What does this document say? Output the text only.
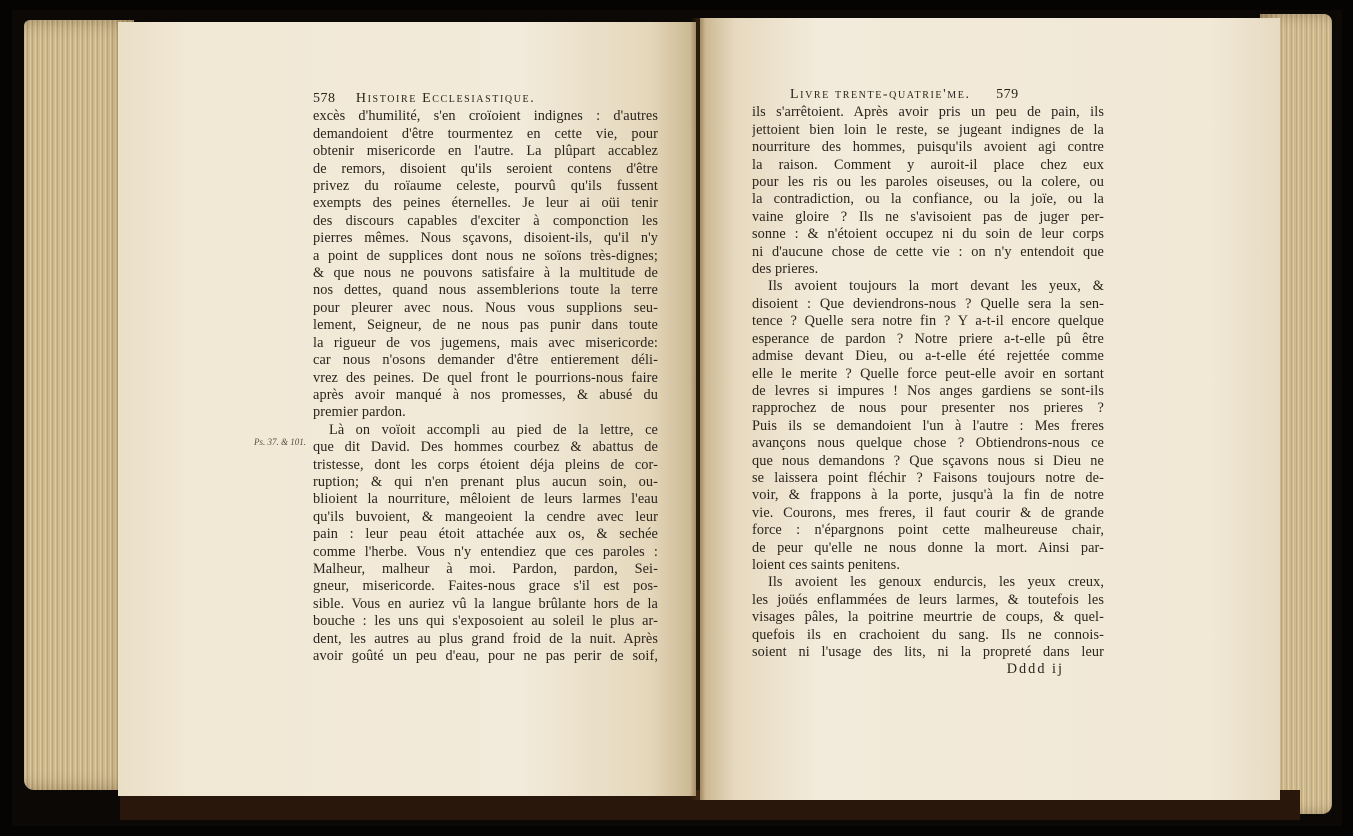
Ps. 37. & 101.
578 Histoire Ecclesiastique.
excès d'humilité, s'en croïoient indignes : d'autres
demandoient d'être tourmentez en cette vie, pour
obtenir misericorde en l'autre. La plûpart accablez
de remors, disoient qu'ils seroient contens d'être
privez du roïaume celeste, pourvû qu'ils fussent
exempts des peines éternelles. Je leur ai oüi tenir
des discours capables d'exciter à componction les
pierres mêmes. Nous sçavons, disoient-ils, qu'il n'y
a point de supplices dont nous ne soïons très-dignes;
& que nous ne pouvons satisfaire à la multitude de
nos dettes, quand nous assemblerions toute la terre
pour pleurer avec nous. Nous vous supplions seu-
lement, Seigneur, de ne nous pas punir dans toute
la rigueur de vos jugemens, mais avec misericorde:
car nous n'osons demander d'être entierement déli-
vrez des peines. De quel front le pourrions-nous faire
après avoir manqué à nos promesses, & abusé du
premier pardon.
Là on voïoit accompli au pied de la lettre, ce
que dit David. Des hommes courbez & abattus de
tristesse, dont les corps étoient déja pleins de cor-
ruption; & qui n'en prenant plus aucun soin, ou-
blioient la nourriture, mêloient de leurs larmes l'eau
qu'ils buvoient, & mangeoient la cendre avec leur
pain : leur peau étoit attachée aux os, & sechée
comme l'herbe. Vous n'y entendiez que ces paroles :
Malheur, malheur à moi. Pardon, pardon, Sei-
gneur, misericorde. Faites-nous grace s'il est pos-
sible. Vous en auriez vû la langue brûlante hors de la
bouche : les uns qui s'exposoient au soleil le plus ar-
dent, les autres au plus grand froid de la nuit. Après
avoir goûté un peu d'eau, pour ne pas perir de soif,
Livre trente-quatrie'me. 579
ils s'arrêtoient. Après avoir pris un peu de pain, ils
jettoient bien loin le reste, se jugeant indignes de la
nourriture des hommes, puisqu'ils avoient agi contre
la raison. Comment y auroit-il place chez eux
pour les ris ou les paroles oiseuses, ou la colere, ou
la contradiction, ou la confiance, ou la joïe, ou la
vaine gloire ? Ils ne s'avisoient pas de juger per-
sonne : & n'étoient occupez ni du soin de leur corps
ni d'aucune chose de cette vie : on n'y entendoit que
des prieres.
Ils avoient toujours la mort devant les yeux, &
disoient : Que deviendrons-nous ? Quelle sera la sen-
tence ? Quelle sera notre fin ? Y a-t-il encore quelque
esperance de pardon ? Notre priere a-t-elle pû être
admise devant Dieu, ou a-t-elle été rejettée comme
elle le merite ? Quelle force peut-elle avoir en sortant
de levres si impures ! Nos anges gardiens se sont-ils
rapprochez de nous pour presenter nos prieres ?
Puis ils se demandoient l'un à l'autre : Mes freres
avançons nous quelque chose ? Obtiendrons-nous ce
que nous demandons ? Que sçavons nous si Dieu ne
se laissera point fléchir ? Faisons toujours notre de-
voir, & frappons à la porte, jusqu'à la fin de notre
vie. Courons, mes freres, il faut courir & de grande
force : n'épargnons point cette malheureuse chair,
de peur qu'elle ne nous donne la mort. Ainsi par-
loient ces saints penitens.
Ils avoient les genoux endurcis, les yeux creux,
les joüés enflammées de leurs larmes, & toutefois les
visages pâles, la poitrine meurtrie de coups, & quel-
quefois ils en crachoient du sang. Ils ne connois-
soient ni l'usage des lits, ni la propreté dans leur
Dddd ij
